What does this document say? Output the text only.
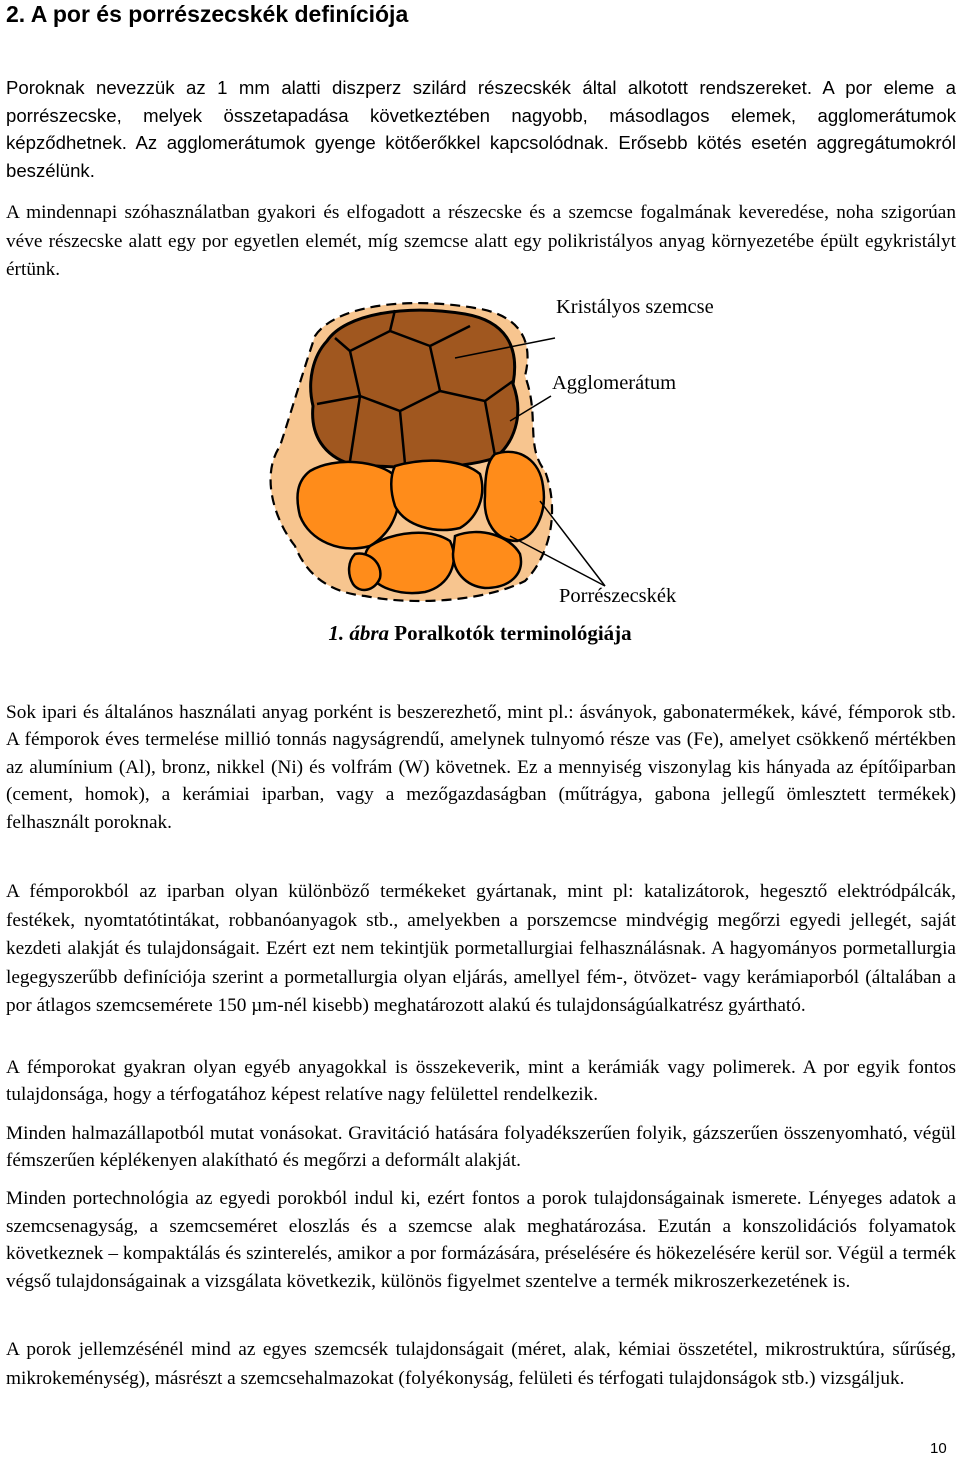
2. A por és porrészecskék definíciója

Poroknak nevezzük az 1 mm alatti diszperz szilárd részecskék által alkotott rendszereket. A por eleme a porrészecske, melyek összetapadása következtében nagyobb, másodlagos elemek, agglomerátumok képződhetnek. Az agglomerátumok gyenge kötőerőkkel kapcsolódnak. Erősebb kötés esetén aggregátumokról beszélünk.

A mindennapi szóhasználatban gyakori és elfogadott a részecske és a szemcse fogalmának keveredése, noha szigorúan véve részecske alatt egy por egyetlen elemét, míg szemcse alatt egy polikristályos anyag környezetébe épült egykristályt értünk.

Kristályos szemcse
Agglomerátum
Porrészecskék
1. ábra Poralkotók terminológiája

Sok ipari és általános használati anyag porként is beszerezhető, mint pl.: ásványok, gabonatermékek, kávé, fémporok stb. A fémporok éves termelése millió tonnás nagyságrendű, amelynek tulnyomó része vas (Fe), amelyet csökkenő mértékben az alumínium (Al), bronz, nikkel (Ni) és volfrám (W) követnek. Ez a mennyiség viszonylag kis hányada az építőiparban (cement, homok), a kerámiai iparban, vagy a mezőgazdaságban (műtrágya, gabona jellegű ömlesztett termékek) felhasznált poroknak.

A fémporokból az iparban olyan különböző termékeket gyártanak, mint pl: katalizátorok, hegesztő elektródpálcák, festékek, nyomtatótintákat, robbanóanyagok stb., amelyekben a porszemcse mindvégig megőrzi egyedi jellegét, saját kezdeti alakját és tulajdonságait. Ezért ezt nem tekintjük pormetallurgiai felhasználásnak. A hagyományos pormetallurgia legegyszerűbb definíciója szerint a pormetallurgia olyan eljárás, amellyel fém-, ötvözet- vagy kerámiaporból (általában a por átlagos szemcsemérete 150 µm-nél kisebb) meghatározott alakú és tulajdonságúalkatrész gyártható.

A fémporokat gyakran olyan egyéb anyagokkal is összekeverik, mint a kerámiák vagy polimerek. A por egyik fontos tulajdonsága, hogy a térfogatához képest relatíve nagy felülettel rendelkezik.

Minden halmazállapotból mutat vonásokat. Gravitáció hatására folyadékszerűen folyik, gázszerűen összenyomható, végül fémszerűen képlékenyen alakítható és megőrzi a deformált alakját.

Minden portechnológia az egyedi porokból indul ki, ezért fontos a porok tulajdonságainak ismerete. Lényeges adatok a szemcsenagyság, a szemcseméret eloszlás és a szemcse alak meghatározása. Ezután a konszolidációs folyamatok következnek – kompaktálás és szinterelés, amikor a por formázására, préselésére és hökezelésére kerül sor. Végül a termék végső tulajdonságainak a vizsgálata következik, különös figyelmet szentelve a termék mikroszerkezetének is.

A porok jellemzésénél mind az egyes szemcsék tulajdonságait (méret, alak, kémiai összetétel, mikrostruktúra, sűrűség, mikrokeménység), másrészt a szemcsehalmazokat (folyékonyság, felületi és térfogati tulajdonságok stb.) vizsgáljuk.

10
